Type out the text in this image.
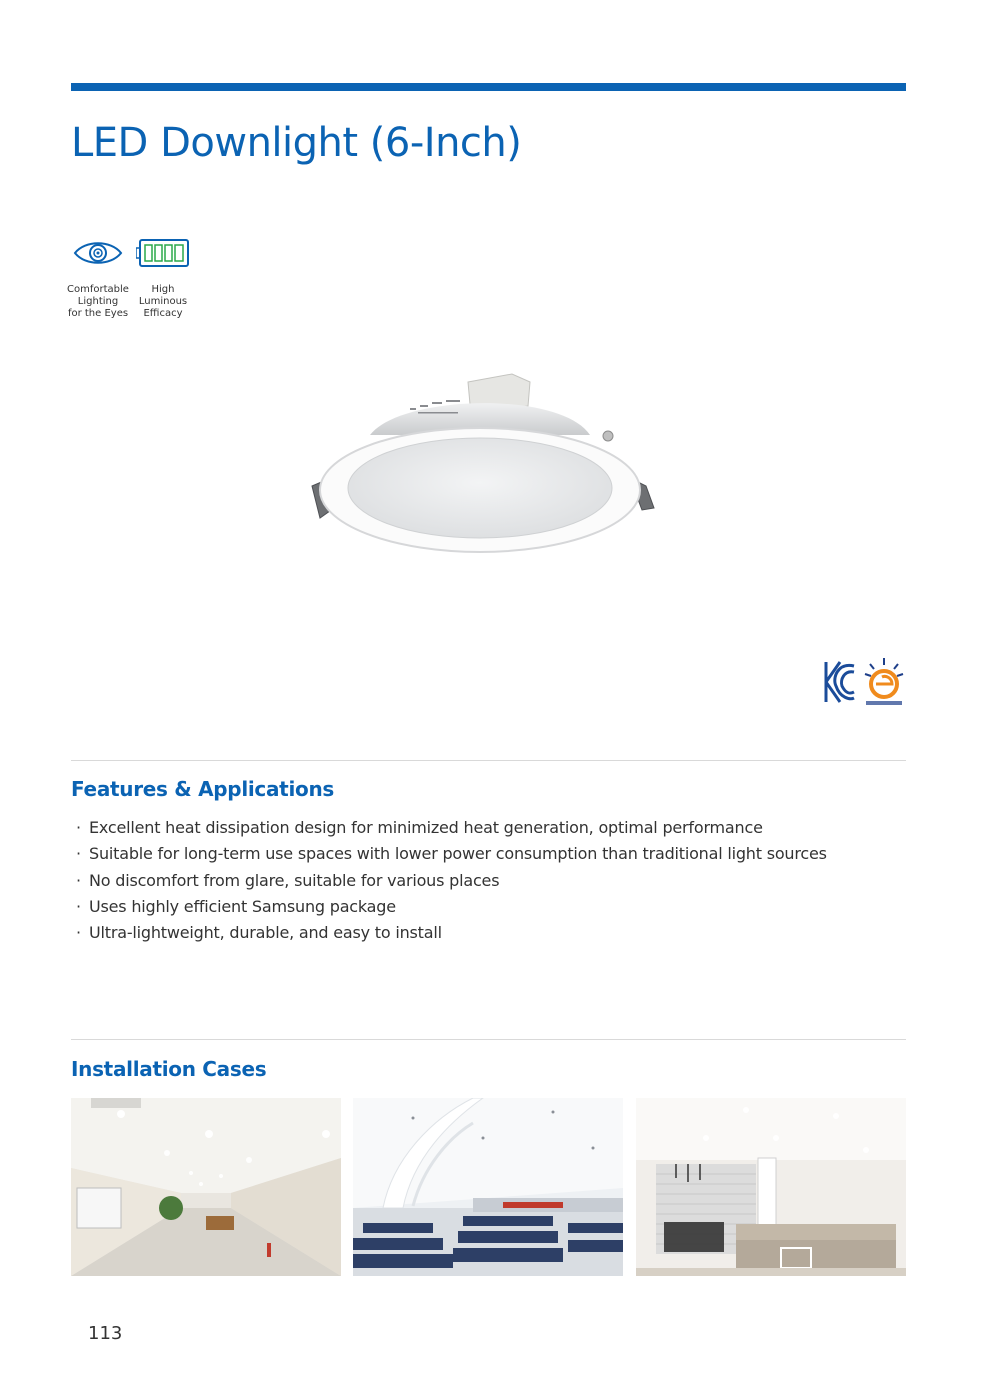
LED Downlight (6-Inch)
Comfortable
Lighting
for the Eyes
High
Luminous
Efficacy
Features & Applications
· Excellent heat dissipation design for minimized heat generation, optimal performance
· Suitable for long-term use spaces with lower power consumption than traditional light sources
· No discomfort from glare, suitable for various places
· Uses highly efficient Samsung package
· Ultra-lightweight, durable, and easy to install
Installation Cases
113
